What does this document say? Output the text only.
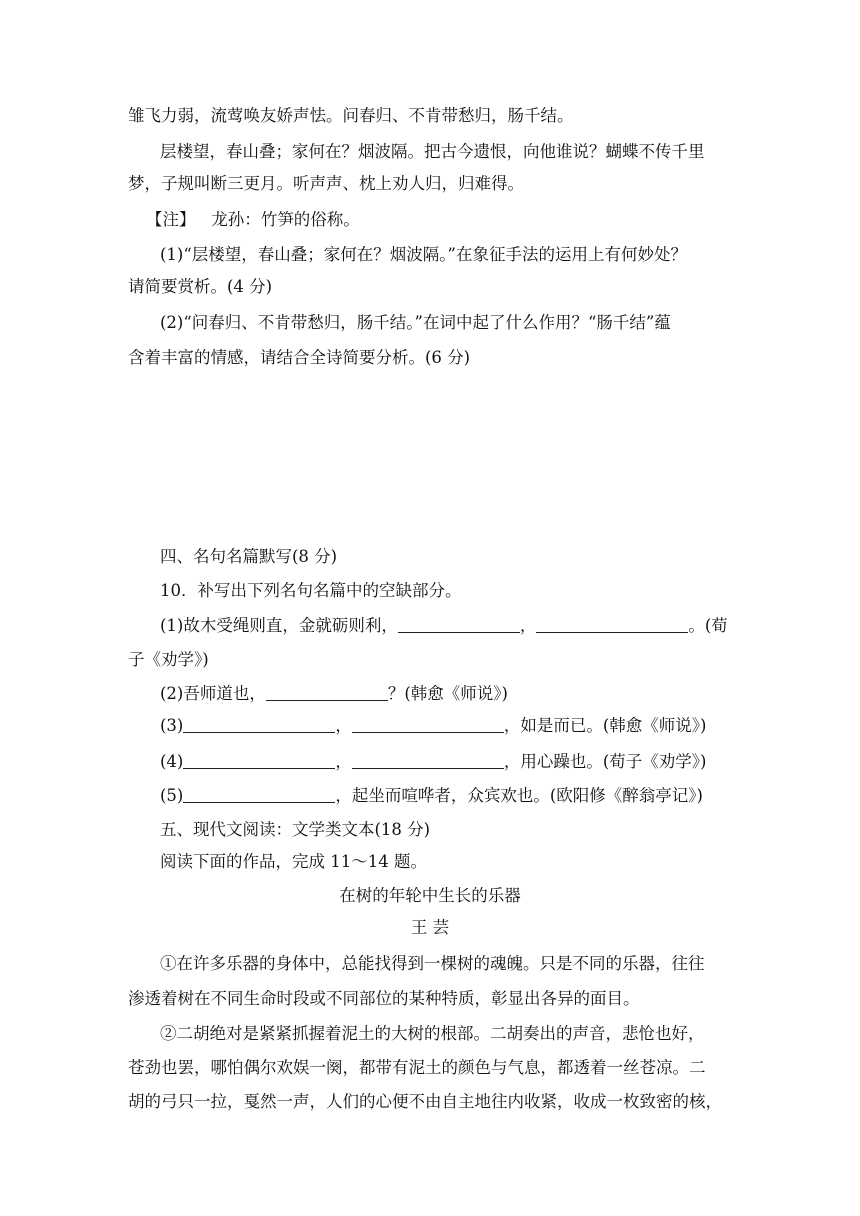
雏飞力弱，流莺唤友娇声怯。问春归、不肯带愁归，肠千结。
层楼望，春山叠；家何在？烟波隔。把古今遗恨，向他谁说？蝴蝶不传千里
梦，子规叫断三更月。听声声、枕上劝人归，归难得。
【注】 龙孙：竹笋的俗称。
(1)“层楼望，春山叠；家何在？烟波隔。”在象征手法的运用上有何妙处？
请简要赏析。(4 分)
(2)“问春归、不肯带愁归，肠千结。”在词中起了什么作用？“肠千结”蕴
含着丰富的情感，请结合全诗简要分析。(6 分)
四、名句名篇默写(8 分)
10．补写出下列名句名篇中的空缺部分。
(1)故木受绳则直，金就砺则利，	，	。(荀
子《劝学》)
(2)吾师道也，	？(韩愈《师说》)
(3)	，	，如是而已。(韩愈《师说》)
(4)	，	，用心躁也。(荀子《劝学》)
(5)	，起坐而喧哗者，众宾欢也。(欧阳修《醉翁亭记》)
五、现代文阅读：文学类文本(18 分)
阅读下面的作品，完成 11～14 题。
在树的年轮中生长的乐器
王 芸
①在许多乐器的身体中，总能找得到一棵树的魂魄。只是不同的乐器，往往
渗透着树在不同生命时段或不同部位的某种特质，彰显出各异的面目。
②二胡绝对是紧紧抓握着泥土的大树的根部。二胡奏出的声音，悲怆也好，
苍劲也罢，哪怕偶尔欢娱一阕，都带有泥土的颜色与气息，都透着一丝苍凉。二
胡的弓只一拉，戛然一声，人们的心便不由自主地往内收紧，收成一枚致密的核，
